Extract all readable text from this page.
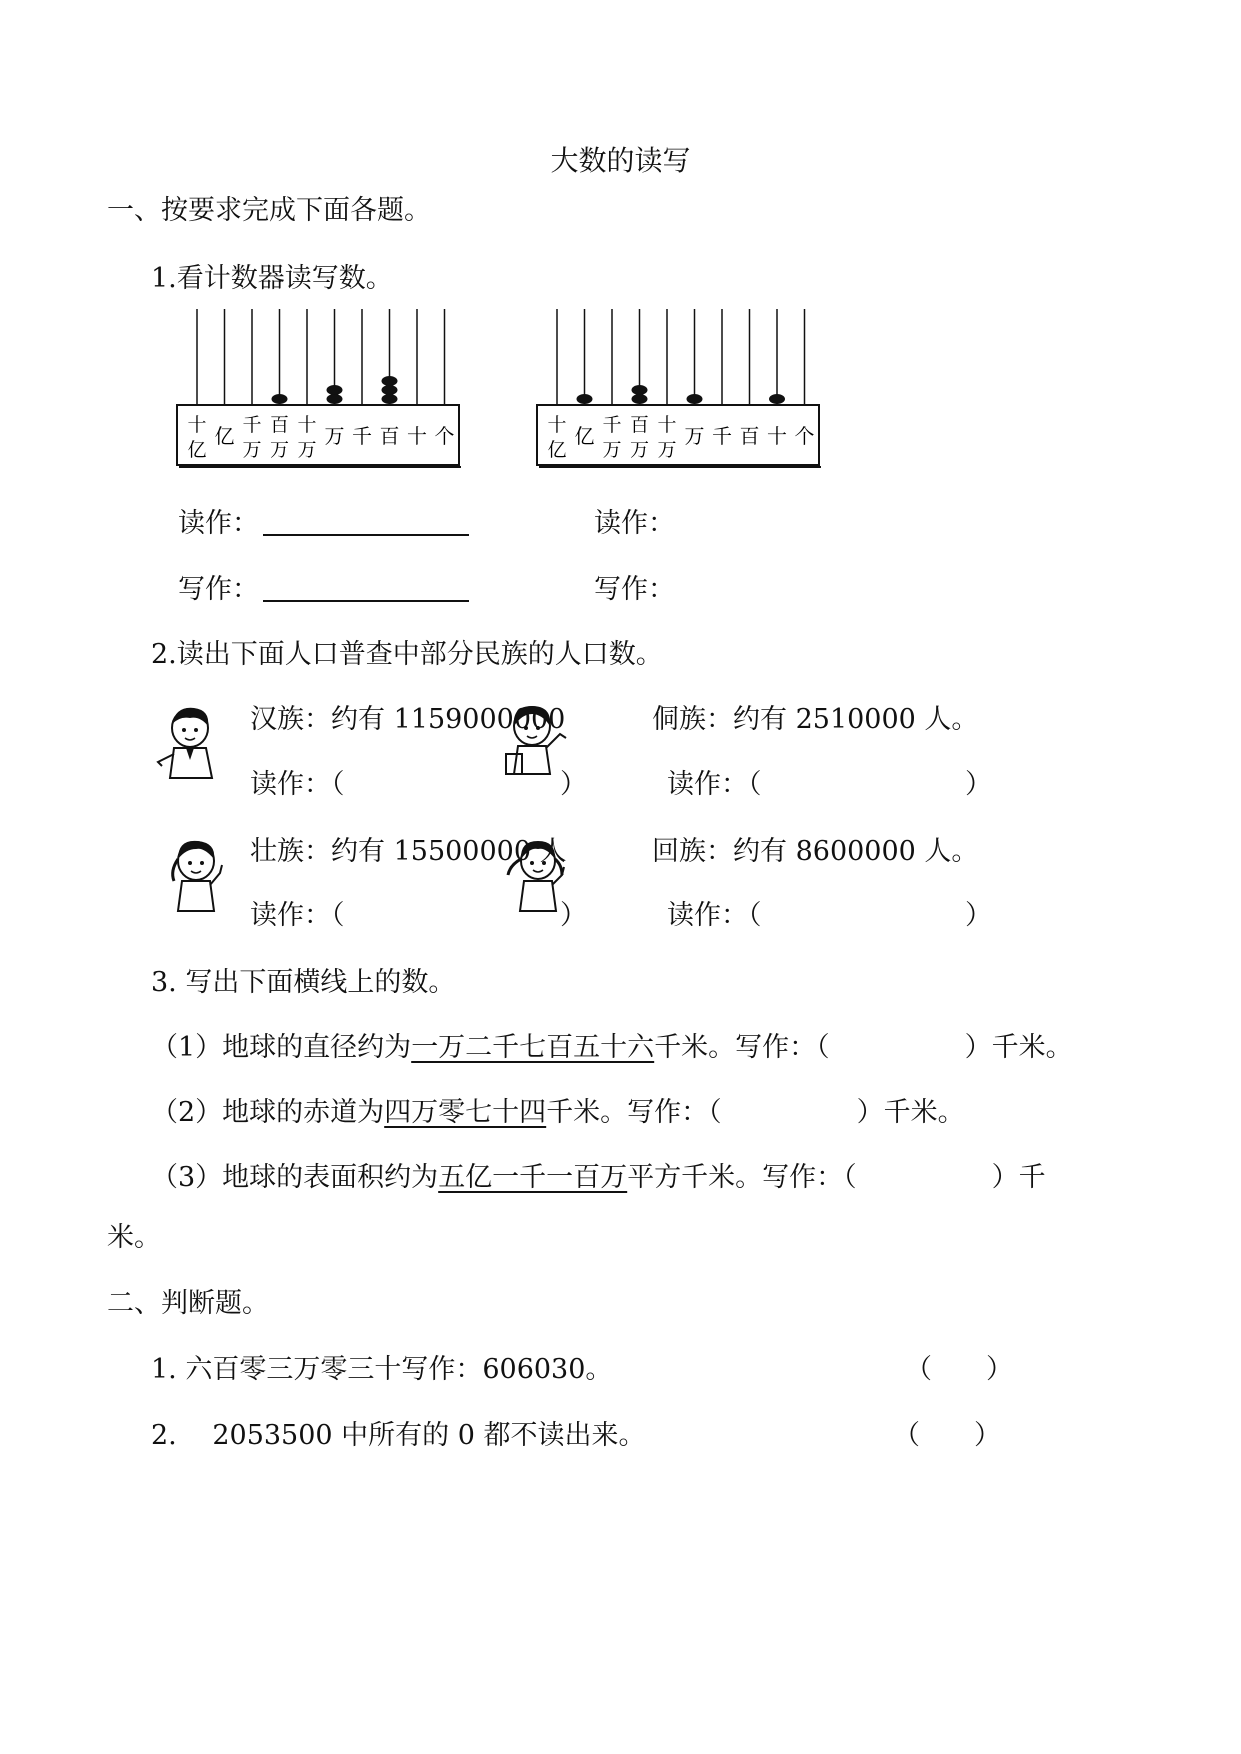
大数的读写
一、按要求完成下面各题。
1.看计数器读写数。
十
亿
亿 千
万
百
万
十
万
万 千 百 十 个	十
亿
亿 千
万
百
万
十
万
万 千 百 十 个
读作：	读作：
写作：	写作：
2.读出下面人口普查中部分民族的人口数。
汉族：约有 1159000000	侗族：约有 2510000 人。
读作：（	）	读作：（	）
壮族：约有 15500000 人	回族：约有 8600000 人。
读作：（	）	读作：（	）
3. 写出下面横线上的数。
（1）地球的直径约为一万二千七百五十六千米。写作：（　　　　　）千米。
（2）地球的赤道为四万零七十四千米。写作：（　　　　　）千米。
（3）地球的表面积约为五亿一千一百万平方千米。写作：（　　　　　）千
米。
二、判断题。
1. 六百零三万零三十写作：606030。	（　　）
2.　 2053500 中所有的 0 都不读出来。	（　　）
